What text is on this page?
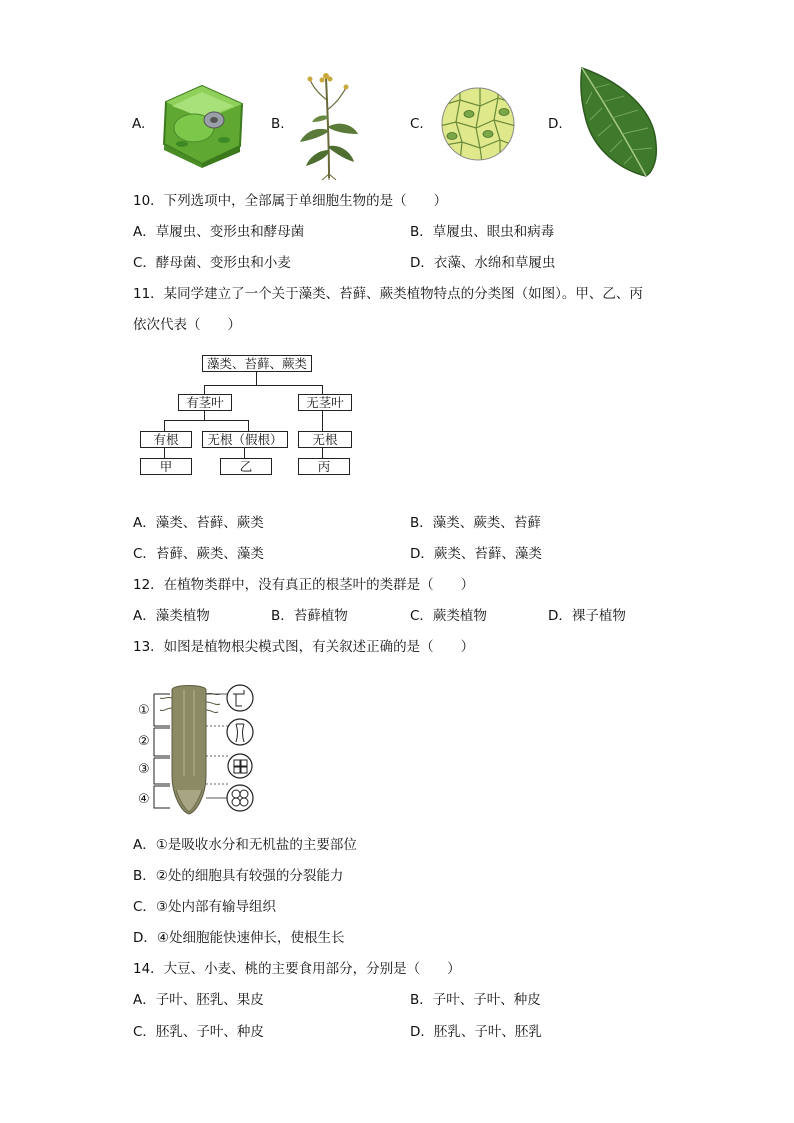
A.	B.	C.	D.
10．下列选项中，全部属于单细胞生物的是（　　）
A．草履虫、变形虫和酵母菌	B．草履虫、眼虫和病毒
C．酵母菌、变形虫和小麦	D．衣藻、水绵和草履虫
11．某同学建立了一个关于藻类、苔藓、蕨类植物特点的分类图（如图）。甲、乙、丙
依次代表（　　）
藻类、苔藓、蕨类
有茎叶	无茎叶
有根	无根（假根）	无根
甲	乙	丙
A．藻类、苔藓、蕨类	B．藻类、蕨类、苔藓
C．苔藓、蕨类、藻类	D．蕨类、苔藓、藻类
12．在植物类群中，没有真正的根茎叶的类群是（　　）
A．藻类植物	B．苔藓植物	C．蕨类植物	D．裸子植物
13．如图是植物根尖模式图，有关叙述正确的是（　　）
①
②
③
④
A．①是吸收水分和无机盐的主要部位
B．②处的细胞具有较强的分裂能力
C．③处内部有输导组织
D．④处细胞能快速伸长，使根生长
14．大豆、小麦、桃的主要食用部分，分别是（　　）
A．子叶、胚乳、果皮	B．子叶、子叶、种皮
C．胚乳、子叶、种皮	D．胚乳、子叶、胚乳
